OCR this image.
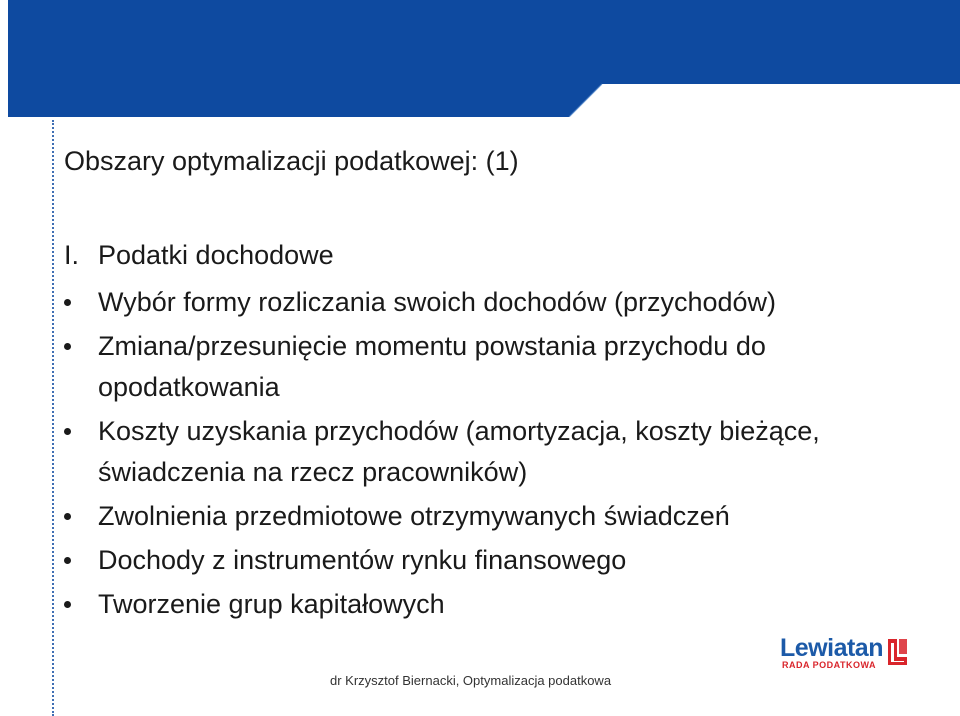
Obszary optymalizacji podatkowej: (1)
I. Podatki dochodowe
Wybór formy rozliczania swoich dochodów (przychodów)
Zmiana/przesunięcie momentu powstania przychodu do opodatkowania
Koszty uzyskania przychodów (amortyzacja, koszty bieżące, świadczenia na rzecz pracowników)
Zwolnienia przedmiotowe otrzymywanych świadczeń
Dochody z instrumentów rynku finansowego
Tworzenie grup kapitałowych
Lewiatan
RADA PODATKOWA
dr Krzysztof Biernacki, Optymalizacja podatkowa
